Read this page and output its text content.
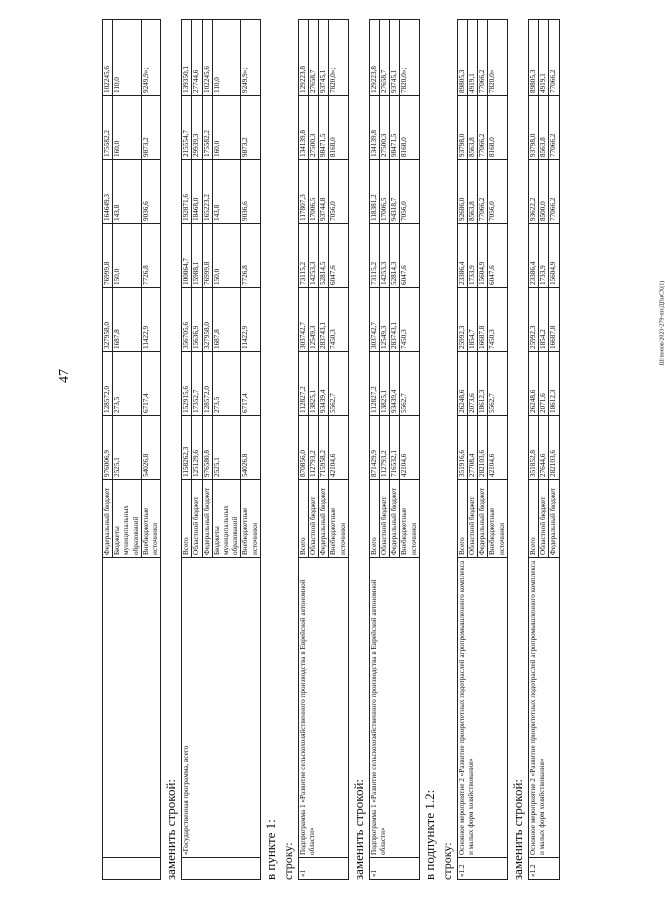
47
Ш/попов/2023-279-пп/ДПиСХ(1)
		Федеральный бюджет	976006,9	128572,0	327958,0	76999,8	164649,3	175582,2	102245,6
		Бюджеты муниципальных образований	2525,1	273,5	1687,8	150,0	143,8	160,0	110,0
		Внебюджетные источники	54026,8	6717,4	11422,9	7726,8	9036,6	9873,2	9249,9»;
заменить строкой:
	«Государственная программа, всего	Всего	1158262,3	152915,6	356705,6	100864,7	192871,6	215554,7	139350,1
		Областной бюджет	125129,6	17352,7	15636,9	15988,1	18468,0	29939,3	27744,6
		Федеральный бюджет	976580,8	128572,0	327958,0	76999,8	165223,2	175582,2	102245,6
		Бюджеты муниципальных образований	2525,1	273,5	1687,8	150,0	143,8	160,0	110,0
		Внебюджетные источники	54026,8	6717,4	11422,9	7726,8	9036,6	9873,2	9249,9»;
в пункте 1: строку: «1	Подпрограмма 1 «Развитие сельскохозяйственного производства в Еврейской автономной области»	Всего	870856,0	112827,2	303742,7	73115,2	117807,3	134139,8	129223,8
		Областной бюджет	112793,2	13825,1	12549,3	14253,3	17006,5	27500,3	27658,7
		Федеральный бюджет	715958,2	93439,4	283743,1	52814,5	93744,8	98471,5	93745,1
		Внебюджетные источники	42104,6	5562,7	7450,3	6047,6	7056,0	8168,0	7820,0»;
заменить строкой: «1	Подпрограмма 1 «Развитие сельскохозяйственного производства в Еврейской автономной области»	Всего	871429,9	112827,2	303742,7	73115,2	118381,2	134139,8	129223,8
		Областной бюджет	112793,2	13825,1	12549,3	14253,3	17006,5	27500,3	27658,7
		Федеральный бюджет	716532,1	93439,4	283743,1	52814,3	94318,7	98471,5	93745,1
		Внебюджетные источники	42104,6	5562,7	7450,3	6047,6	7056,0	8168,0	7820,0»;
в подпункте 1.2: строку: «1.2	Основное мероприятие 2 «Развитие приоритетных подотраслей агропромышленного комплекса и малых форм хозяйствования»	Всего	351916,6	26248,6	25992,3	23386,4	92686,0	93798,0	89805,3
		Областной бюджет	27708,4	2073,6	1854,7	1733,9	8563,8	8563,8	4919,1
		Федеральный бюджет	282103,6	18612,3	16687,8	15604,9	77066,2	77066,2	77066,2
		Внебюджетные источники	42104,6	5562,7	7450,3	6047,6	7056,0	8168,0	7820,0»
заменить строкой: «1.2	Основное мероприятие 2 «Развитие приоритетных подотраслей агропромышленного комплекса и малых форм хозяйствования»	Всего	351852,8	26248,6	25992,3	23386,4	93622,2	93798,0	89805,3
		Областной бюджет	27644,6	2071,6	1854,2	1733,9	8500,0	8563,8	4919,1
		Федеральный бюджет	282103,6	18612,3	16687,8	15604,9	77066,2	77066,2	77066,2
